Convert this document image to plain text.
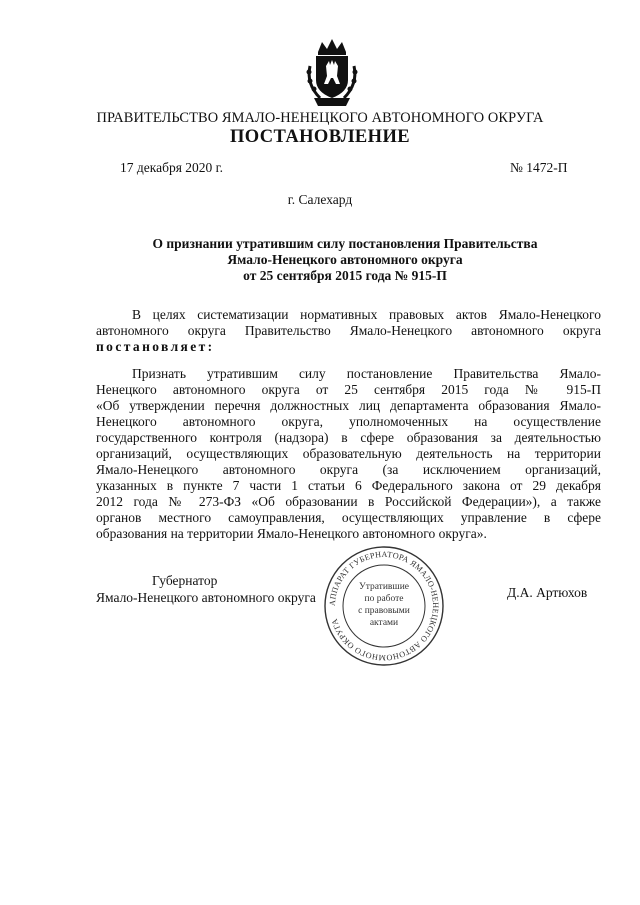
ПРАВИТЕЛЬСТВО ЯМАЛО-НЕНЕЦКОГО АВТОНОМНОГО ОКРУГА
ПОСТАНОВЛЕНИЕ
17 декабря 2020 г.	№ 1472-П
г. Салехард
О признании утратившим силу постановления Правительства
Ямало-Ненецкого автономного округа
от 25 сентября 2015 года № 915-П
В целях систематизации нормативных правовых актов Ямало-Ненецкого
автономного округа Правительство Ямало-Ненецкого автономного округа
постановляет:
Признать утратившим силу постановление Правительства Ямало-
Ненецкого автономного округа от 25 сентября 2015 года № 915-П
«Об утверждении перечня должностных лиц департамента образования Ямало-
Ненецкого автономного округа, уполномоченных на осуществление
государственного контроля (надзора) в сфере образования за деятельностью
организаций, осуществляющих образовательную деятельность на территории
Ямало-Ненецкого автономного округа (за исключением организаций,
указанных в пункте 7 части 1 статьи 6 Федерального закона от 29 декабря
2012 года № 273-ФЗ «Об образовании в Российской Федерации»), а также
органов местного самоуправления, осуществляющих управление в сфере
образования на территории Ямало-Ненецкого автономного округа».
АППАРАТ ГУБЕРНАТОРА ЯМАЛО-НЕНЕЦКОГО АВТОНОМНОГО ОКРУГА
Утратившие
по работе
с правовыми
актами
Губернатор
Ямало-Ненецкого автономного округа	Д.А. Артюхов
